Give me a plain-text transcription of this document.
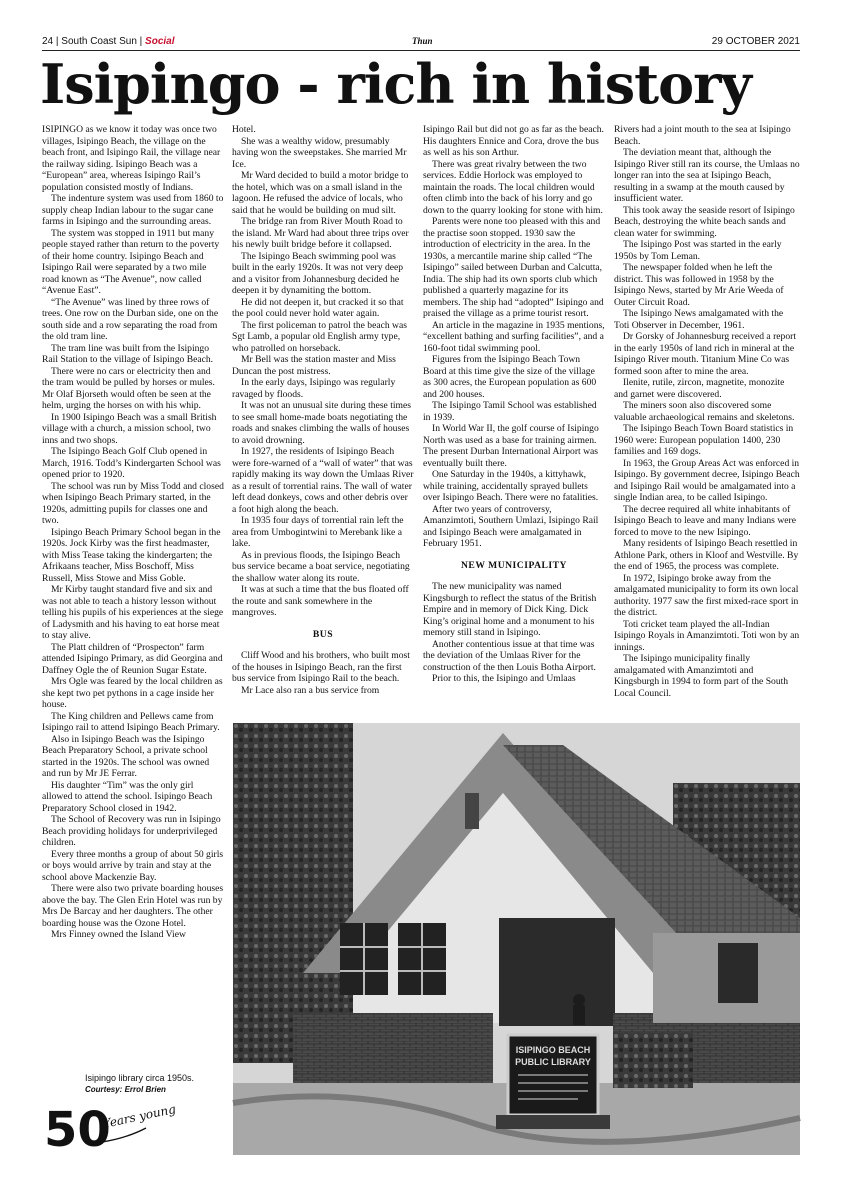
24 | South Coast Sun | Social	Thun	29 OCTOBER 2021
Isipingo - rich in history

ISIPINGO as we know it today was once two villages, Isipingo Beach, the village on the beach front, and Isipingo Rail, the village near the railway siding. Isipingo Beach was a “European” area, whereas Isipingo Rail’s population consisted mostly of Indians.

The indenture system was used from 1860 to supply cheap Indian labour to the sugar cane farms in Isipingo and the surrounding areas.

The system was stopped in 1911 but many people stayed rather than return to the poverty of their home country. Isipingo Beach and Isipingo Rail were separated by a two mile road known as “The Avenue”, now called “Avenue East”.

“The Avenue” was lined by three rows of trees. One row on the Durban side, one on the south side and a row separating the road from the old tram line.

The tram line was built from the Isipingo Rail Station to the village of Isipingo Beach.

There were no cars or electricity then and the tram would be pulled by horses or mules. Mr Olaf Bjorseth would often be seen at the helm, urging the horses on with his whip.

In 1900 Isipingo Beach was a small British village with a church, a mission school, two inns and two shops.

The Isipingo Beach Golf Club opened in March, 1916. Todd’s Kindergarten School was opened prior to 1920.

The school was run by Miss Todd and closed when Isipingo Beach Primary started, in the 1920s, admitting pupils for classes one and two.

Isipingo Beach Primary School began in the 1920s. Jock Kirby was the first headmaster, with Miss Tease taking the kindergarten; the Afrikaans teacher, Miss Boschoff, Miss Russell, Miss Stowe and Miss Goble.

Mr Kirby taught standard five and six and was not able to teach a history lesson without telling his pupils of his experiences at the siege of Ladysmith and his having to eat horse meat to stay alive.

The Platt children of “Prospecton” farm attended Isipingo Primary, as did Georgina and Daffney Ogle the of Reunion Sugar Estate.

Mrs Ogle was feared by the local children as she kept two pet pythons in a cage inside her house.

The King children and Pellews came from Isipingo rail to attend Isipingo Beach Primary.

Also in Isipingo Beach was the Isipingo Beach Preparatory School, a private school started in the 1920s. The school was owned and run by Mr JE Ferrar.

His daughter “Tim” was the only girl allowed to attend the school. Isipingo Beach Preparatory School closed in 1942.

The School of Recovery was run in Isipingo Beach providing holidays for underprivileged children.

Every three months a group of about 50 girls or boys would arrive by train and stay at the school above Mackenzie Bay.

There were also two private boarding houses above the bay. The Glen Erin Hotel was run by Mrs De Barcay and her daughters. The other boarding house was the Ozone Hotel.

Mrs Finney owned the Island View

Hotel.

She was a wealthy widow, presumably having won the sweepstakes. She married Mr Ice.

Mr Ward decided to build a motor bridge to the hotel, which was on a small island in the lagoon. He refused the advice of locals, who said that he would be building on mud silt.

The bridge ran from River Mouth Road to the island. Mr Ward had about three trips over his newly built bridge before it collapsed.

The Isipingo Beach swimming pool was built in the early 1920s. It was not very deep and a visitor from Johannesburg decided he deepen it by dynamiting the bottom.

He did not deepen it, but cracked it so that the pool could never hold water again.

The first policeman to patrol the beach was Sgt Lamb, a popular old English army type, who patrolled on horseback.

Mr Bell was the station master and Miss Duncan the post mistress.

In the early days, Isipingo was regularly ravaged by floods.

It was not an unusual site during these times to see small home-made boats negotiating the roads and snakes climbing the walls of houses to avoid drowning.

In 1927, the residents of Isipingo Beach were fore-warned of a “wall of water” that was rapidly making its way down the Umlaas River as a result of torrential rains. The wall of water left dead donkeys, cows and other debris over a foot high along the beach.

In 1935 four days of torrential rain left the area from Umbogintwini to Merebank like a lake.

As in previous floods, the Isipingo Beach bus service became a boat service, negotiating the shallow water along its route.

It was at such a time that the bus floated off the route and sank somewhere in the mangroves.

BUS

Cliff Wood and his brothers, who built most of the houses in Isipingo Beach, ran the first bus service from Isipingo Rail to the beach.

Mr Lace also ran a bus service from

Isipingo Rail but did not go as far as the beach. His daughters Ennice and Cora, drove the bus as well as his son Arthur.

There was great rivalry between the two services. Eddie Horlock was employed to maintain the roads. The local children would often climb into the back of his lorry and go down to the quarry looking for stone with him.

Parents were none too pleased with this and the practise soon stopped. 1930 saw the introduction of electricity in the area. In the 1930s, a mercantile marine ship called “The Isipingo” sailed between Durban and Calcutta, India. The ship had its own sports club which published a quarterly magazine for its members. The ship had “adopted” Isipingo and praised the village as a prime tourist resort.

An article in the magazine in 1935 mentions, “excellent bathing and surfing facilities”, and a 160-foot tidal swimming pool.

Figures from the Isipingo Beach Town Board at this time give the size of the village as 300 acres, the European population as 600 and 200 houses.

The Isipingo Tamil School was established in 1939.

In World War II, the golf course of Isipingo North was used as a base for training airmen. The present Durban International Airport was eventually built there.

One Saturday in the 1940s, a kittyhawk, while training, accidentally sprayed bullets over Isipingo Beach. There were no fatalities.

After two years of controversy, Amanzimtoti, Southern Umlazi, Isipingo Rail and Isipingo Beach were amalgamated in February 1951.

NEW MUNICIPALITY

The new municipality was named Kingsburgh to reflect the status of the British Empire and in memory of Dick King. Dick King’s original home and a monument to his memory still stand in Isipingo.

Another contentious issue at that time was the deviation of the Umlaas River for the construction of the then Louis Botha Airport.

Prior to this, the Isipingo and Umlaas

Rivers had a joint mouth to the sea at Isipingo Beach.

The deviation meant that, although the Isipingo River still ran its course, the Umlaas no longer ran into the sea at Isipingo Beach, resulting in a swamp at the mouth caused by insufficient water.

This took away the seaside resort of Isipingo Beach, destroying the white beach sands and clean water for swimming.

The Isipingo Post was started in the early 1950s by Tom Leman.

The newspaper folded when he left the district. This was followed in 1958 by the Isipingo News, started by Mr Arie Weeda of Outer Circuit Road.

The Isipingo News amalgamated with the Toti Observer in December, 1961.

Dr Gorsky of Johannesburg received a report in the early 1950s of land rich in mineral at the Isipingo River mouth. Titanium Mine Co was formed soon after to mine the area.

Ilenite, rutile, zircon, magnetite, monozite and garnet were discovered.

The miners soon also discovered some valuable archaeological remains and skeletons.

The Isipingo Beach Town Board statistics in 1960 were: European population 1400, 230 families and 169 dogs.

In 1963, the Group Areas Act was enforced in Isipingo. By government decree, Isipingo Beach and Isipingo Rail would be amalgamated into a single Indian area, to be called Isipingo.

The decree required all white inhabitants of Isipingo Beach to leave and many Indians were forced to move to the new Isipingo.

Many residents of Isipingo Beach resettled in Athlone Park, others in Kloof and Westville. By the end of 1965, the process was complete.

In 1972, Isipingo broke away from the amalgamated municipality to form its own local authority. 1977 saw the first mixed-race sport in the district.

Toti cricket team played the all-Indian Isipingo Royals in Amanzimtoti. Toti won by an innings.

The Isipingo municipality finally amalgamated with Amanzimtoti and Kingsburgh in 1994 to form part of the South Local Council.

ISIPINGO BEACH
PUBLIC LIBRARY
Isipingo library circa 1950s.
Courtesy: Errol Brien
50
Years young
